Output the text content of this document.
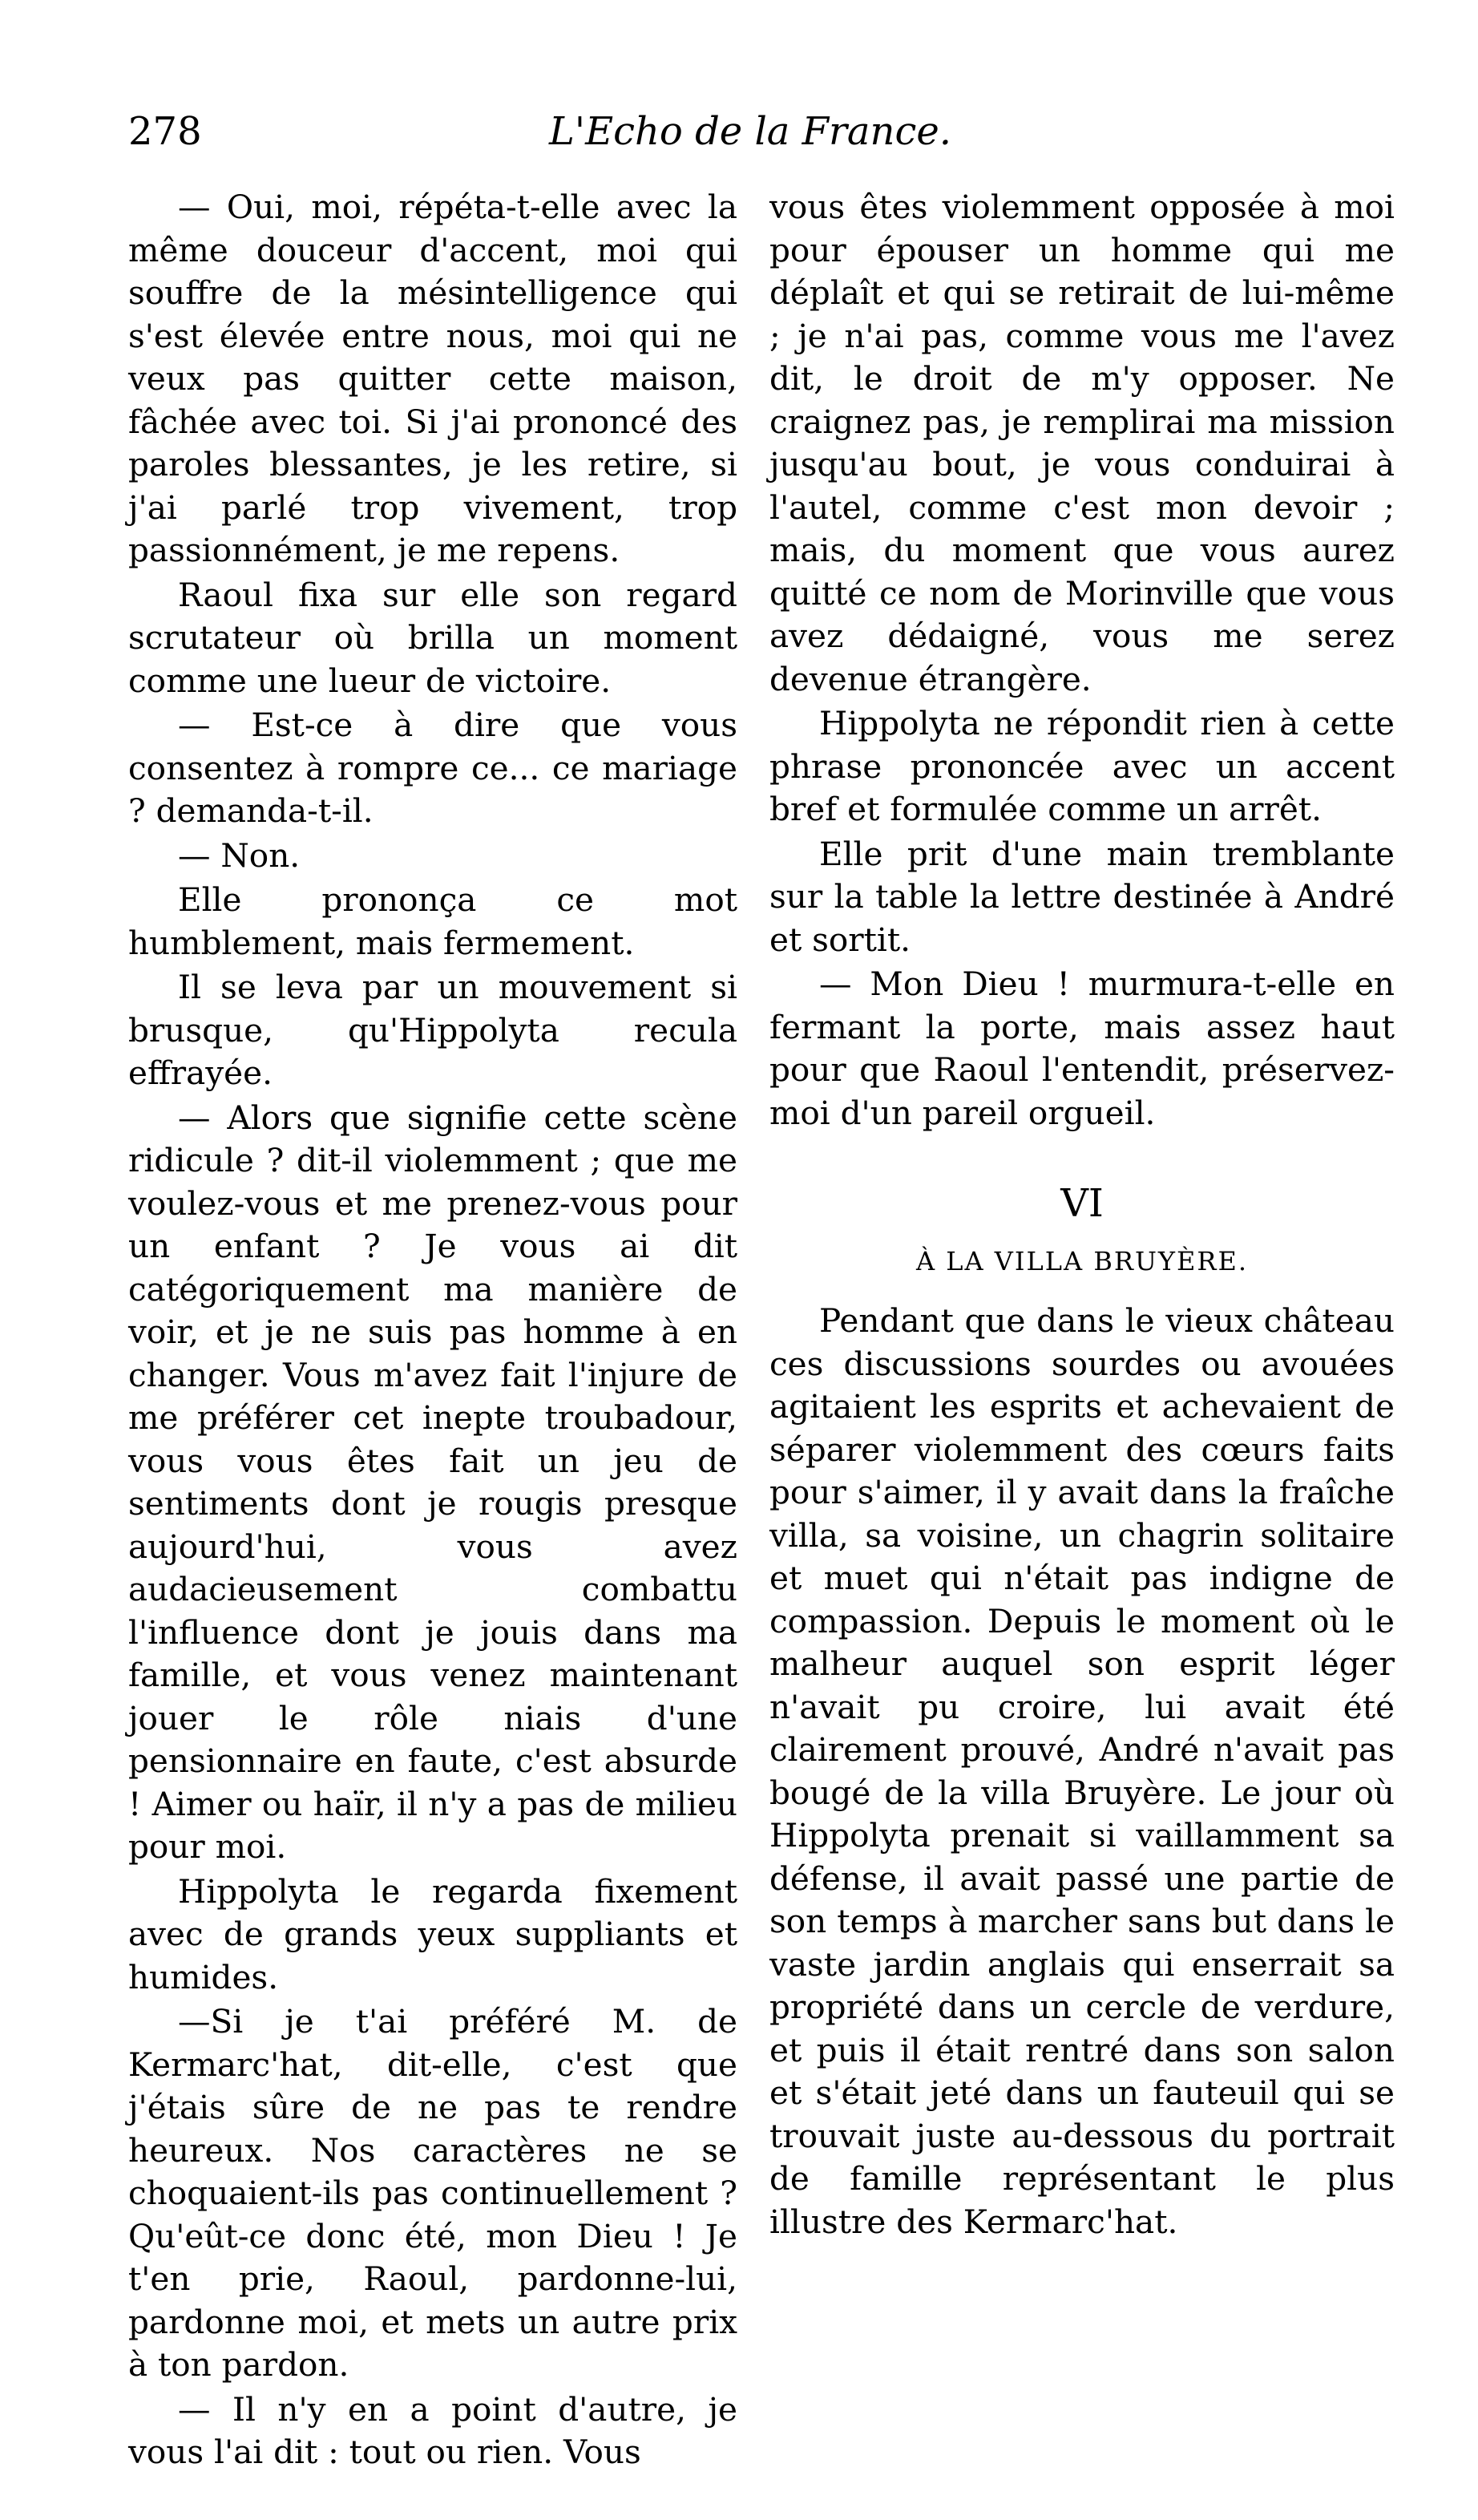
278	L'Echo de la France.

— Oui, moi, répéta-t-elle avec la même douceur d'accent, moi qui souffre de la mésintelligence qui s'est élevée entre nous, moi qui ne veux pas quitter cette maison, fâchée avec toi. Si j'ai prononcé des paroles blessantes, je les retire, si j'ai parlé trop vivement, trop passionnément, je me repens.

Raoul fixa sur elle son regard scrutateur où brilla un moment comme une lueur de victoire.

— Est-ce à dire que vous consentez à rompre ce... ce mariage ? demanda-t-il.

— Non.

Elle prononça ce mot humblement, mais fermement.

Il se leva par un mouvement si brusque, qu'Hippolyta recula effrayée.

— Alors que signifie cette scène ridicule ? dit-il violemment ; que me voulez-vous et me prenez-vous pour un enfant ? Je vous ai dit catégoriquement ma manière de voir, et je ne suis pas homme à en changer. Vous m'avez fait l'injure de me préférer cet inepte troubadour, vous vous êtes fait un jeu de sentiments dont je rougis presque aujourd'hui, vous avez audacieusement combattu l'influence dont je jouis dans ma famille, et vous venez maintenant jouer le rôle niais d'une pensionnaire en faute, c'est absurde ! Aimer ou haïr, il n'y a pas de milieu pour moi.

Hippolyta le regarda fixement avec de grands yeux suppliants et humides.

—Si je t'ai préféré M. de Kermarc'hat, dit-elle, c'est que j'étais sûre de ne pas te rendre heureux. Nos caractères ne se choquaient-ils pas continuellement ? Qu'eût-ce donc été, mon Dieu ! Je t'en prie, Raoul, pardonne-lui, pardonne moi, et mets un autre prix à ton pardon.

— Il n'y en a point d'autre, je vous l'ai dit : tout ou rien. Vous

vous êtes violemment opposée à moi pour épouser un homme qui me déplaît et qui se retirait de lui-même ; je n'ai pas, comme vous me l'avez dit, le droit de m'y opposer. Ne craignez pas, je remplirai ma mission jusqu'au bout, je vous conduirai à l'autel, comme c'est mon devoir ; mais, du moment que vous aurez quitté ce nom de Morinville que vous avez dédaigné, vous me serez devenue étrangère.

Hippolyta ne répondit rien à cette phrase prononcée avec un accent bref et formulée comme un arrêt.

Elle prit d'une main tremblante sur la table la lettre destinée à André et sortit.

— Mon Dieu ! murmura-t-elle en fermant la porte, mais assez haut pour que Raoul l'entendit, préservez-moi d'un pareil orgueil.

VI
À LA VILLA BRUYÈRE.

Pendant que dans le vieux château ces discussions sourdes ou avouées agitaient les esprits et achevaient de séparer violemment des cœurs faits pour s'aimer, il y avait dans la fraîche villa, sa voisine, un chagrin solitaire et muet qui n'était pas indigne de compassion. Depuis le moment où le malheur auquel son esprit léger n'avait pu croire, lui avait été clairement prouvé, André n'avait pas bougé de la villa Bruyère. Le jour où Hippolyta prenait si vaillamment sa défense, il avait passé une partie de son temps à marcher sans but dans le vaste jardin anglais qui enserrait sa propriété dans un cercle de verdure, et puis il était rentré dans son salon et s'était jeté dans un fauteuil qui se trouvait juste au-dessous du portrait de famille représentant le plus illustre des Kermarc'hat.
